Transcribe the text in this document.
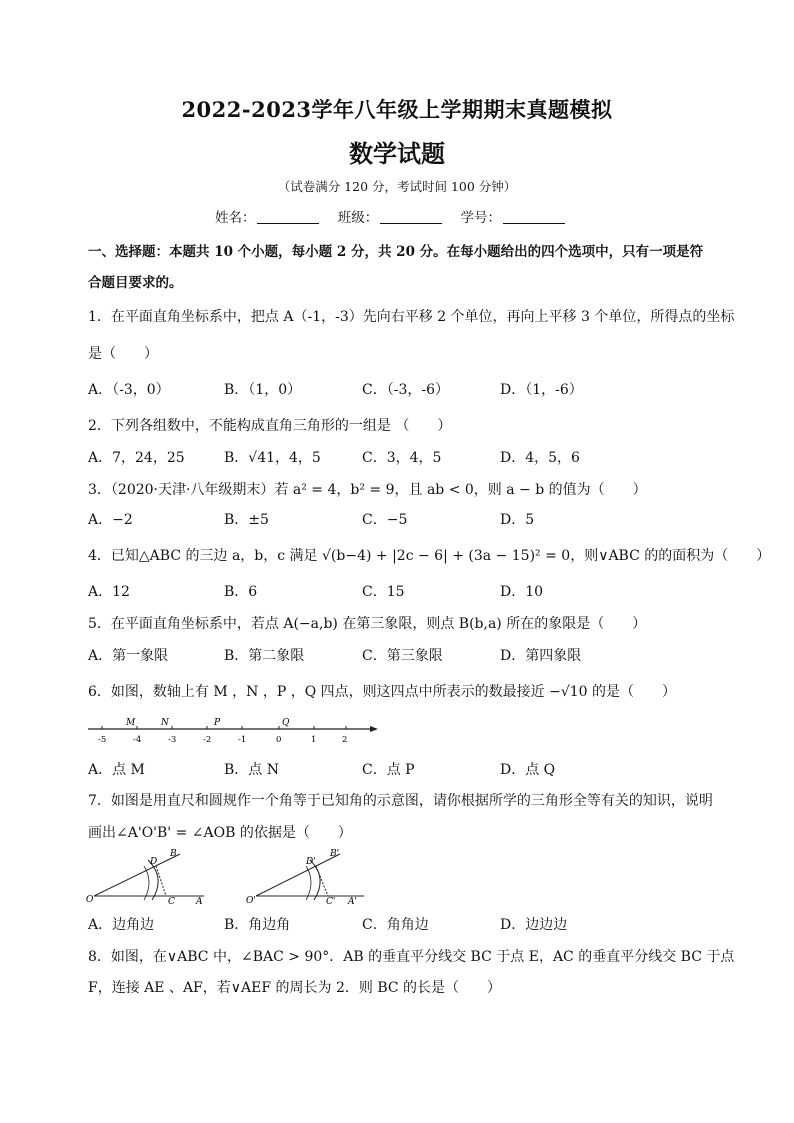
2022-2023学年八年级上学期期末真题模拟
数学试题
（试卷满分 120 分，考试时间 100 分钟）
姓名：	班级：	学号：
一、选择题：本题共 10 个小题，每小题 2 分，共 20 分。在每小题给出的四个选项中，只有一项是符
合题目要求的。
1．在平面直角坐标系中，把点 A（-1，-3）先向右平移 2 个单位，再向上平移 3 个单位，所得点的坐标
是（　　）
A．（-3，0）	B．（1，0）	C．（-3，-6）	D．（1，-6）
2．下列各组数中，不能构成直角三角形的一组是 （　　）
A．7，24，25	B．√41，4，5	C．3，4，5	D．4，5，6
3．（2020·天津·八年级期末）若 a² = 4，b² = 9，且 ab < 0，则 a − b 的值为（　　）
A．−2	B．±5	C．−5	D．5
4．已知△ABC 的三边 a，b，c 满足 √(b−4) + |2c − 6| + (3a − 15)² = 0，则∨ABC 的的面积为（　　）
A．12	B．6	C．15	D．10
5．在平面直角坐标系中，若点 A(−a,b) 在第三象限，则点 B(b,a) 所在的象限是（　　）
A．第一象限	B．第二象限	C．第三象限	D．第四象限
6．如图，数轴上有 M ，N ，P ，Q 四点，则这四点中所表示的数最接近 −√10 的是（　　）
M	N	P	Q
-5	-4	-3	-2	-1	0	1	2
A．点 M	B．点 N	C．点 P	D．点 Q
7．如图是用直尺和圆规作一个角等于已知角的示意图，请你根据所学的三角形全等有关的知识，说明
画出∠A'O'B' = ∠AOB 的依据是（　　）
O
D
B
C A	O'
D'
B'
C' A'
A．边角边	B．角边角	C．角角边	D．边边边
8．如图，在∨ABC 中，∠BAC > 90°．AB 的垂直平分线交 BC 于点 E，AC 的垂直平分线交 BC 于点
F，连接 AE 、AF，若∨AEF 的周长为 2．则 BC 的长是（　　）
